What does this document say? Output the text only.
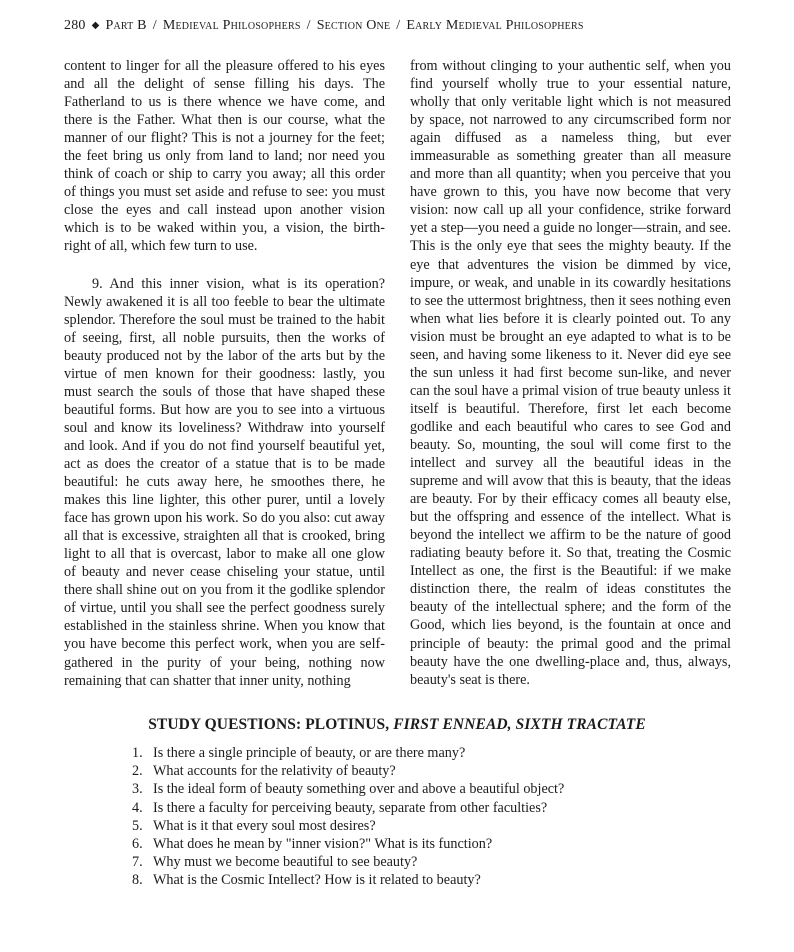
280 ◆ Part B / Medieval Philosophers / Section One / Early Medieval Philosophers

content to linger for all the pleasure offered to his eyes and all the delight of sense filling his days. The Fatherland to us is there whence we have come, and there is the Father. What then is our course, what the manner of our flight? This is not a journey for the feet; the feet bring us only from land to land; nor need you think of coach or ship to carry you away; all this order of things you must set aside and refuse to see: you must close the eyes and call instead upon another vision which is to be waked within you, a vision, the birth-right of all, which few turn to use.

9. And this inner vision, what is its operation? Newly awakened it is all too feeble to bear the ultimate splendor. Therefore the soul must be trained to the habit of seeing, first, all noble pursuits, then the works of beauty produced not by the labor of the arts but by the virtue of men known for their goodness: lastly, you must search the souls of those that have shaped these beautiful forms. But how are you to see into a virtuous soul and know its loveliness? Withdraw into yourself and look. And if you do not find yourself beautiful yet, act as does the creator of a statue that is to be made beautiful: he cuts away here, he smoothes there, he makes this line lighter, this other purer, until a lovely face has grown upon his work. So do you also: cut away all that is excessive, straighten all that is crooked, bring light to all that is overcast, labor to make all one glow of beauty and never cease chiseling your statue, until there shall shine out on you from it the godlike splendor of virtue, until you shall see the perfect goodness surely established in the stainless shrine. When you know that you have become this perfect work, when you are self-gathered in the purity of your being, nothing now remaining that can shatter that inner unity, nothing

from without clinging to your authentic self, when you find yourself wholly true to your essential nature, wholly that only veritable light which is not measured by space, not narrowed to any circumscribed form nor again diffused as a nameless thing, but ever immeasurable as something greater than all measure and more than all quantity; when you perceive that you have grown to this, you have now become that very vision: now call up all your confidence, strike forward yet a step—you need a guide no longer—strain, and see. This is the only eye that sees the mighty beauty. If the eye that adventures the vision be dimmed by vice, impure, or weak, and unable in its cowardly hesitations to see the uttermost brightness, then it sees nothing even when what lies before it is clearly pointed out. To any vision must be brought an eye adapted to what is to be seen, and having some likeness to it. Never did eye see the sun unless it had first become sun-like, and never can the soul have a primal vision of true beauty unless it itself is beautiful. Therefore, first let each become godlike and each beautiful who cares to see God and beauty. So, mounting, the soul will come first to the intellect and survey all the beautiful ideas in the supreme and will avow that this is beauty, that the ideas are beauty. For by their efficacy comes all beauty else, but the offspring and essence of the intellect. What is beyond the intellect we affirm to be the nature of good radiating beauty before it. So that, treating the Cosmic Intellect as one, the first is the Beautiful: if we make distinction there, the realm of ideas constitutes the beauty of the intellectual sphere; and the form of the Good, which lies beyond, is the fountain at once and principle of beauty: the primal good and the primal beauty have the one dwelling-place and, thus, always, beauty's seat is there.

STUDY QUESTIONS: PLOTINUS, FIRST ENNEAD, SIXTH TRACTATE
1. Is there a single principle of beauty, or are there many?
2. What accounts for the relativity of beauty?
3. Is the ideal form of beauty something over and above a beautiful object?
4. Is there a faculty for perceiving beauty, separate from other faculties?
5. What is it that every soul most desires?
6. What does he mean by "inner vision?" What is its function?
7. Why must we become beautiful to see beauty?
8. What is the Cosmic Intellect? How is it related to beauty?
